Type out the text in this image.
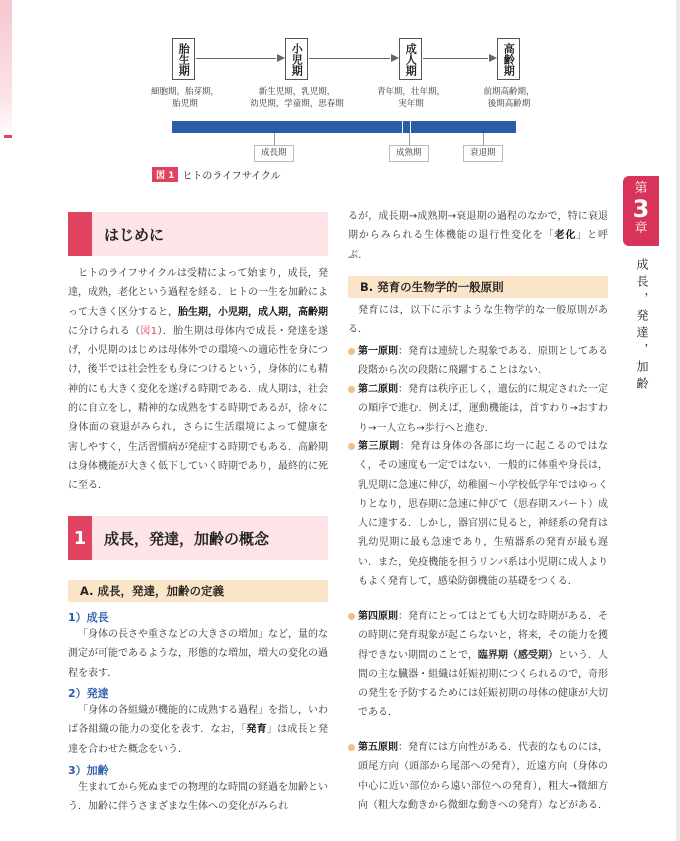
胎生期	小児期	成人期	高齢期
細胞期，胎芽期，
胎児期
新生児期，乳児期，
幼児期，学童期，思春期
青年期，壮年期，
実年期
前期高齢期，
後期高齢期
成長期	成熟期	衰退期
図 1 ヒトのライフサイクル
第
3
章
成長，発達，加齢
はじめに

ヒトのライフサイクルは受精によって始まり，成長，発達，成熟，老化という過程を経る．ヒトの一生を加齢によって大きく区分すると，胎生期，小児期，成人期，高齢期に分けられる（図1）．胎生期は母体内で成長・発達を遂げ，小児期のはじめは母体外での環境への適応性を身につけ，後半では社会性をも身につけるという，身体的にも精神的にも大きく変化を遂げる時期である．成人期は，社会的に自立をし，精神的な成熟をする時期であるが，徐々に身体面の衰退がみられ，さらに生活環境によって健康を害しやすく，生活習慣病が発症する時期でもある．高齢期は身体機能が大きく低下していく時期であり，最終的に死に至る．

1	成長，発達，加齢の概念
A. 成長，発達，加齢の定義
1）成長

「身体の長さや重さなどの大きさの増加」など，量的な測定が可能であるような，形態的な増加，増大の変化の過程を表す．

2）発達

「身体の各組織が機能的に成熟する過程」を指し，いわば各組織の能力の変化を表す．なお，「発育」は成長と発達を合わせた概念をいう．

3）加齢

生まれてから死ぬまでの物理的な時間の経過を加齢という．加齢に伴うさまざまな生体への変化がみられ

るが，成長期→成熟期→衰退期の過程のなかで，特に衰退期からみられる生体機能の退行性変化を「老化」と呼ぶ．

B. 発育の生物学的一般原則

発育には，以下に示すような生物学的な一般原則がある．

第一原則：発育は連続した現象である．原則としてある段階から次の段階に飛躍することはない．
第二原則：発育は秩序正しく，遺伝的に規定された一定の順序で進む．例えば，運動機能は，首すわり→おすわり→一人立ち→歩行へと進む．
第三原則：発育は身体の各部に均一に起こるのではなく，その速度も一定ではない．一般的に体重や身長は，乳児期に急速に伸び，幼稚園〜小学校低学年ではゆっくりとなり，思春期に急速に伸びて（思春期スパート）成人に達する．しかし，器官別に見ると，神経系の発育は乳幼児期に最も急速であり，生殖器系の発育が最も遅い．また，免疫機能を担うリンパ系は小児期に成人よりもよく発育して，感染防御機能の基礎をつくる．
第四原則：発育にとってはとても大切な時期がある．その時期に発育現象が起こらないと，将来，その能力を獲得できない期間のことで，臨界期（感受期）という．人間の主な臓器・組織は妊娠初期につくられるので，奇形の発生を予防するためには妊娠初期の母体の健康が大切である．
第五原則：発育には方向性がある．代表的なものには，頭尾方向（頭部から尾部への発育），近遠方向（身体の中心に近い部位から遠い部位への発育），粗大→微細方向（粗大な動きから微細な動きへの発育）などがある．
